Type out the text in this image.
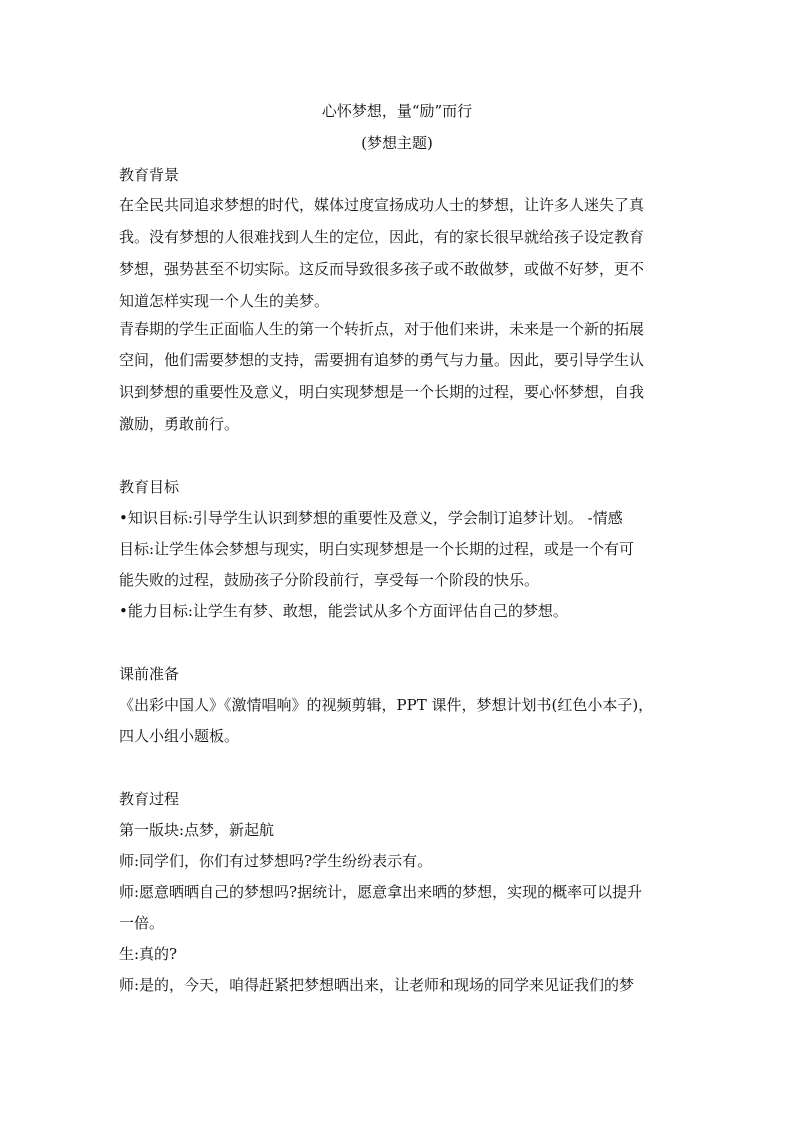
心怀梦想，量“励”而行
(梦想主题)
教育背景
在全民共同追求梦想的时代，媒体过度宣扬成功人士的梦想，让许多人迷失了真
我。没有梦想的人很难找到人生的定位，因此，有的家长很早就给孩子设定教育
梦想，强势甚至不切实际。这反而导致很多孩子或不敢做梦，或做不好梦，更不
知道怎样实现一个人生的美梦。
青春期的学生正面临人生的第一个转折点，对于他们来讲，未来是一个新的拓展
空间，他们需要梦想的支持，需要拥有追梦的勇气与力量。因此，要引导学生认
识到梦想的重要性及意义，明白实现梦想是一个长期的过程，要心怀梦想，自我
激励，勇敢前行。
教育目标
•知识目标:引导学生认识到梦想的重要性及意义，学会制订追梦计划。 -情感
目标:让学生体会梦想与现实，明白实现梦想是一个长期的过程，或是一个有可
能失败的过程，鼓励孩子分阶段前行，享受每一个阶段的快乐。
•能力目标:让学生有梦、敢想，能尝试从多个方面评估自己的梦想。
课前准备
《出彩中国人》《激情唱响》的视频剪辑，PPT 课件，梦想计划书(红色小本子)，
四人小组小题板。
教育过程
第一版块:点梦，新起航
师:同学们，你们有过梦想吗?学生纷纷表示有。
师:愿意晒晒自己的梦想吗?据统计，愿意拿出来晒的梦想，实现的概率可以提升
一倍。
生:真的?
师:是的，今天，咱得赶紧把梦想晒出来，让老师和现场的同学来见证我们的梦
